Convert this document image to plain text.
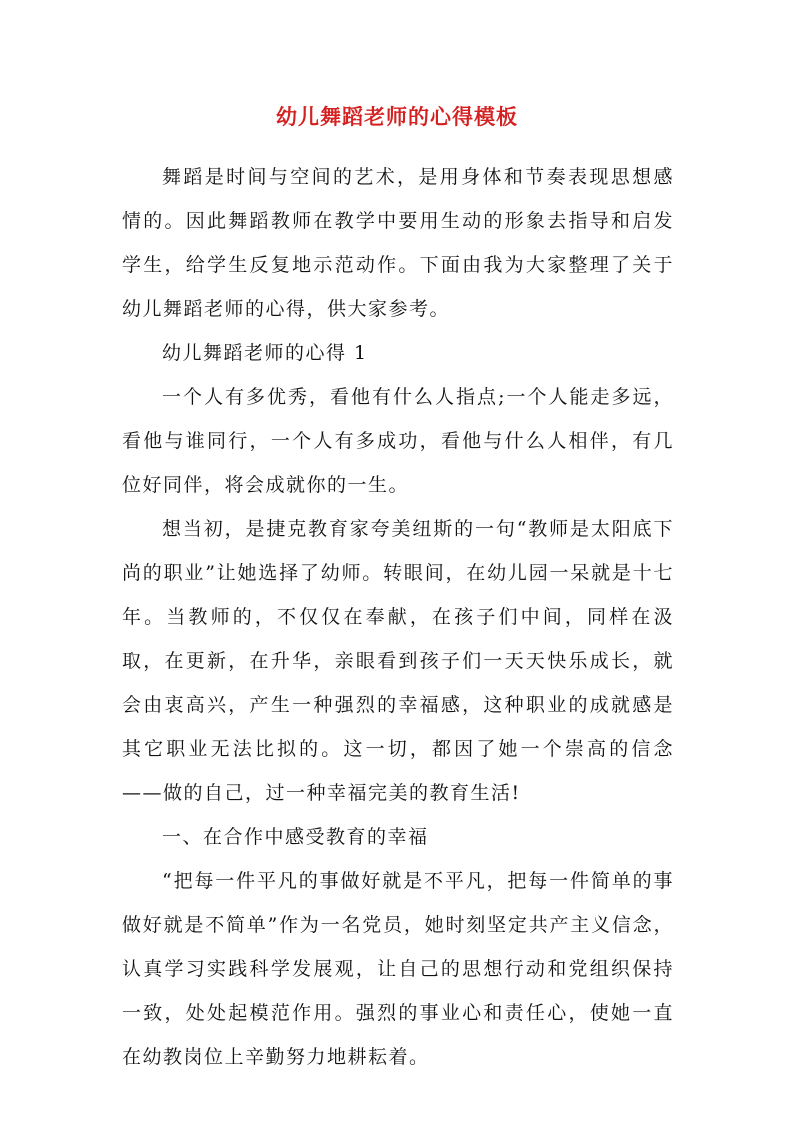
幼儿舞蹈老师的心得模板

舞蹈是时间与空间的艺术，是用身体和节奏表现思想感情的。因此舞蹈教师在教学中要用生动的形象去指导和启发学生，给学生反复地示范动作。下面由我为大家整理了关于幼儿舞蹈老师的心得，供大家参考。

幼儿舞蹈老师的心得 1

一个人有多优秀，看他有什么人指点;一个人能走多远，看他与谁同行，一个人有多成功，看他与什么人相伴，有几位好同伴，将会成就你的一生。

想当初，是捷克教育家夸美纽斯的一句“教师是太阳底下尚的职业”让她选择了幼师。转眼间，在幼儿园一呆就是十七年。当教师的，不仅仅在奉献，在孩子们中间，同样在汲取，在更新，在升华，亲眼看到孩子们一天天快乐成长，就会由衷高兴，产生一种强烈的幸福感，这种职业的成就感是其它职业无法比拟的。这一切，都因了她一个崇高的信念——做的自己，过一种幸福完美的教育生活!

一、在合作中感受教育的幸福

“把每一件平凡的事做好就是不平凡，把每一件简单的事做好就是不简单”作为一名党员，她时刻坚定共产主义信念，认真学习实践科学发展观，让自己的思想行动和党组织保持一致，处处起模范作用。强烈的事业心和责任心，使她一直在幼教岗位上辛勤努力地耕耘着。
